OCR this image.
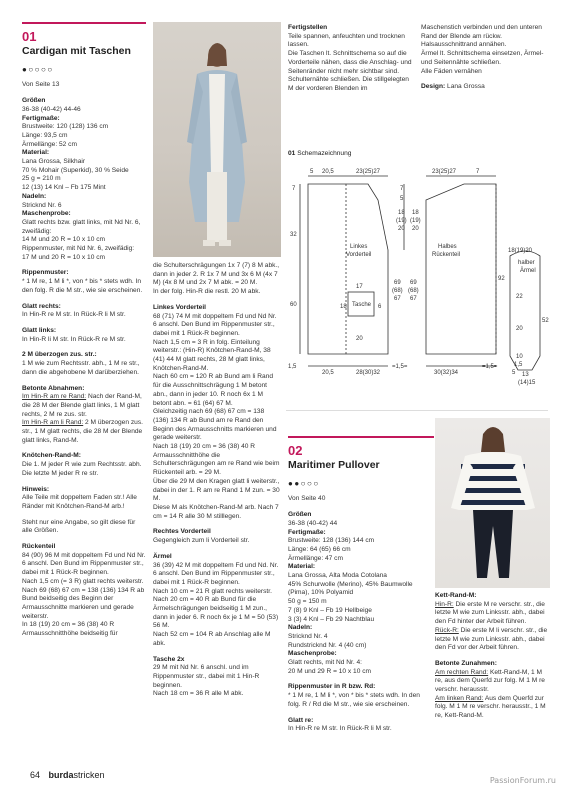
01
Cardigan mit Taschen
●○○○○
Von Seite 13
Größen
36-38 (40-42) 44-46
Fertigmaße:
Brustweite: 120 (128) 136 cm
Länge: 93,5 cm
Ärmellänge: 52 cm
Material:
Lana Grossa, Silkhair
70 % Mohair (Superkid), 30 % Seide
25 g = 210 m
12 (13) 14 Knl – Fb 175 Mint
Nadeln:
Stricknd Nr. 6
Maschenprobe:
Glatt rechts bzw. glatt links, mit Nd Nr. 6, zweifädig:
14 M und 20 R = 10 x 10 cm
Rippenmuster, mit Nd Nr. 6, zweifädig:
17 M und 20 R = 10 x 10 cm
Rippenmuster:
* 1 M re, 1 M li *, von * bis * stets wdh. In den folg. R die M str., wie sie erscheinen.
Glatt rechts:
In Hin-R re M str. In Rück-R li M str.
Glatt links:
In Hin-R li M str. In Rück-R re M str.
2 M überzogen zus. str.:
1 M wie zum Rechtsstr. abh., 1 M re str., dann die abgehobene M darüberziehen.
Betonte Abnahmen:
Im Hin-R am re Rand: Nach der Rand-M, die 28 M der Blende glatt links, 1 M glatt rechts, 2 M re zus. str.
Im Hin-R am li Rand: 2 M überzogen zus. str., 1 M glatt rechts, die 28 M der Blende glatt links, Rand-M.
Knötchen-Rand-M:
Die 1. M jeder R wie zum Rechtsstr. abh. Die letzte M jeder R re str.
Hinweis:
Alle Teile mit doppeltem Faden str.! Alle Ränder mit Knötchen-Rand-M arb.!
Steht nur eine Angabe, so gilt diese für alle Größen.
Rückenteil
84 (90) 96 M mit doppeltem Fd und Nd Nr. 6 anschl. Den Bund im Rippenmuster str., dabei mit 1 Rück-R beginnen.
Nach 1,5 cm (= 3 R) glatt rechts weiterstr.
Nach 69 (68) 67 cm = 138 (136) 134 R ab Bund beidseitig des Beginn der Armausschnitte markieren und gerade weiterstr.
In 18 (19) 20 cm = 36 (38) 40 R Armausschnitthöhe beidseitig für
die Schulterschrägungen 1x 7 (7) 8 M abk., dann in jeder 2. R 1x 7 M und 3x 6 M (4x 7 M) (4x 8 M und 2x 7 M abk. = 20 M.
In der folg. Hin-R die restl. 20 M abk.
Linkes Vorderteil
68 (71) 74 M mit doppeltem Fd und Nd Nr. 6 anschl. Den Bund im Rippenmuster str., dabei mit 1 Rück-R beginnen.
Nach 1,5 cm = 3 R in folg. Einteilung weiterstr.: (Hin-R) Knötchen-Rand-M, 38 (41) 44 M glatt rechts, 28 M glatt links, Knötchen-Rand-M.
Nach 60 cm = 120 R ab Bund am li Rand für die Ausschnittschrägung 1 M betont abn., dann in jeder 10. R noch 6x 1 M betont abn. = 61 (64) 67 M.
Gleichzeitig nach 69 (68) 67 cm = 138 (136) 134 R ab Bund am re Rand den Beginn des Armausschnitts markieren und gerade weiterstr.
Nach 18 (19) 20 cm = 36 (38) 40 R Armausschnitthöhe die Schulterschrägungen am re Rand wie beim Rückenteil arb. = 29 M.
Über die 29 M den Kragen glatt li weiterstr., dabei in der 1. R am re Rand 1 M zun. = 30 M.
Diese M als Knötchen-Rand-M arb. Nach 7 cm = 14 R alle 30 M stilllegen.
Rechtes Vorderteil
Gegengleich zum li Vorderteil str.
Ärmel
36 (39) 42 M mit doppeltem Fd und Nd. Nr. 6 anschl. Den Bund im Rippenmuster str., dabei mit 1 Rück-R beginnen.
Nach 10 cm = 21 R glatt rechts weiterstr.
Nach 20 cm = 40 R ab Bund für die Ärmelschrägungen beidseitig 1 M zun., dann in jeder 6. R noch 6x je 1 M = 50 (53) 56 M.
Nach 52 cm = 104 R ab Anschlag alle M abk.
Tasche 2x
29 M mit Nd Nr. 6 anschl. und im Rippenmuster str., dabei mit 1 Hin-R beginnen.
Nach 18 cm = 36 R alle M abk.
Fertigstellen
Teile spannen, anfeuchten und trocknen lassen.
Die Taschen lt. Schnittschema so auf die Vorderteile nähen, dass die Anschlag- und Seitenränder nicht mehr sichtbar sind.
Schulternähte schließen. Die stillgelegten M der vorderen Blenden im
Maschenstich verbinden und den unteren Rand der Blende am rückw. Halsausschnittrand annähen.
Ärmel lt. Schnittschema einsetzen, Ärmel- und Seitennähte schließen.
Alle Fäden vernähen
Design: Lana Grossa
01 Schemazeichnung
5 20,5	23(25)27	23(25)27	7
7
32
60
1,5
7
5
18
(19)
20
18
(19)
20
18(19)20
Linkes
Vorderteil
Halbes
Rückenteil
halber
Ärmel
17
18	6
Tasche
20
69
(68)
67
69
(68)
67
92
22
20
52
10
1,5
13
(14)15
20,5	28(30)32
=1,5=
30(32)34
=1,5=
5
02
Maritimer Pullover
●●○○○
Von Seite 40
Größen
36-38 (40-42) 44
Fertigmaße:
Brustweite: 128 (136) 144 cm
Länge: 64 (65) 66 cm
Ärmellänge: 47 cm
Material:
Lana Grossa, Alta Moda Cotolana
45% Schurwolle (Merino), 45% Baumwolle (Pima), 10% Polyamid
50 g = 150 m
7 (8) 9 Knl – Fb 19 Hellbeige
3 (3) 4 Knl – Fb 29 Nachtblau
Nadeln:
Stricknd Nr. 4
Rundstricknd Nr. 4 (40 cm)
Maschenprobe:
Glatt rechts, mit Nd Nr. 4:
20 M und 29 R = 10 x 10 cm
Rippenmuster in R bzw. Rd:
* 1 M re, 1 M li *, von * bis * stets wdh. In den folg. R / Rd die M str., wie sie erscheinen.
Glatt re:
In Hin-R re M str. In Rück-R li M str.
Kett-Rand-M:
Hin-R: Die erste M re verschr. str., die letzte M wie zum Linksstr. abh., dabei den Fd hinter der Arbeit führen.
Rück-R: Die erste M li verschr. str., die letzte M wie zum Linksstr. abh., dabei den Fd vor der Arbeit führen.
Betonte Zunahmen:
Am rechten Rand: Kett-Rand-M, 1 M re, aus dem Querfd zur folg. M 1 M re verschr. herausstr.
Am linken Rand: Aus dem Querfd zur folg. M 1 M re verschr. herausstr., 1 M re, Kett-Rand-M.
64 burdastricken
PassionForum.ru
